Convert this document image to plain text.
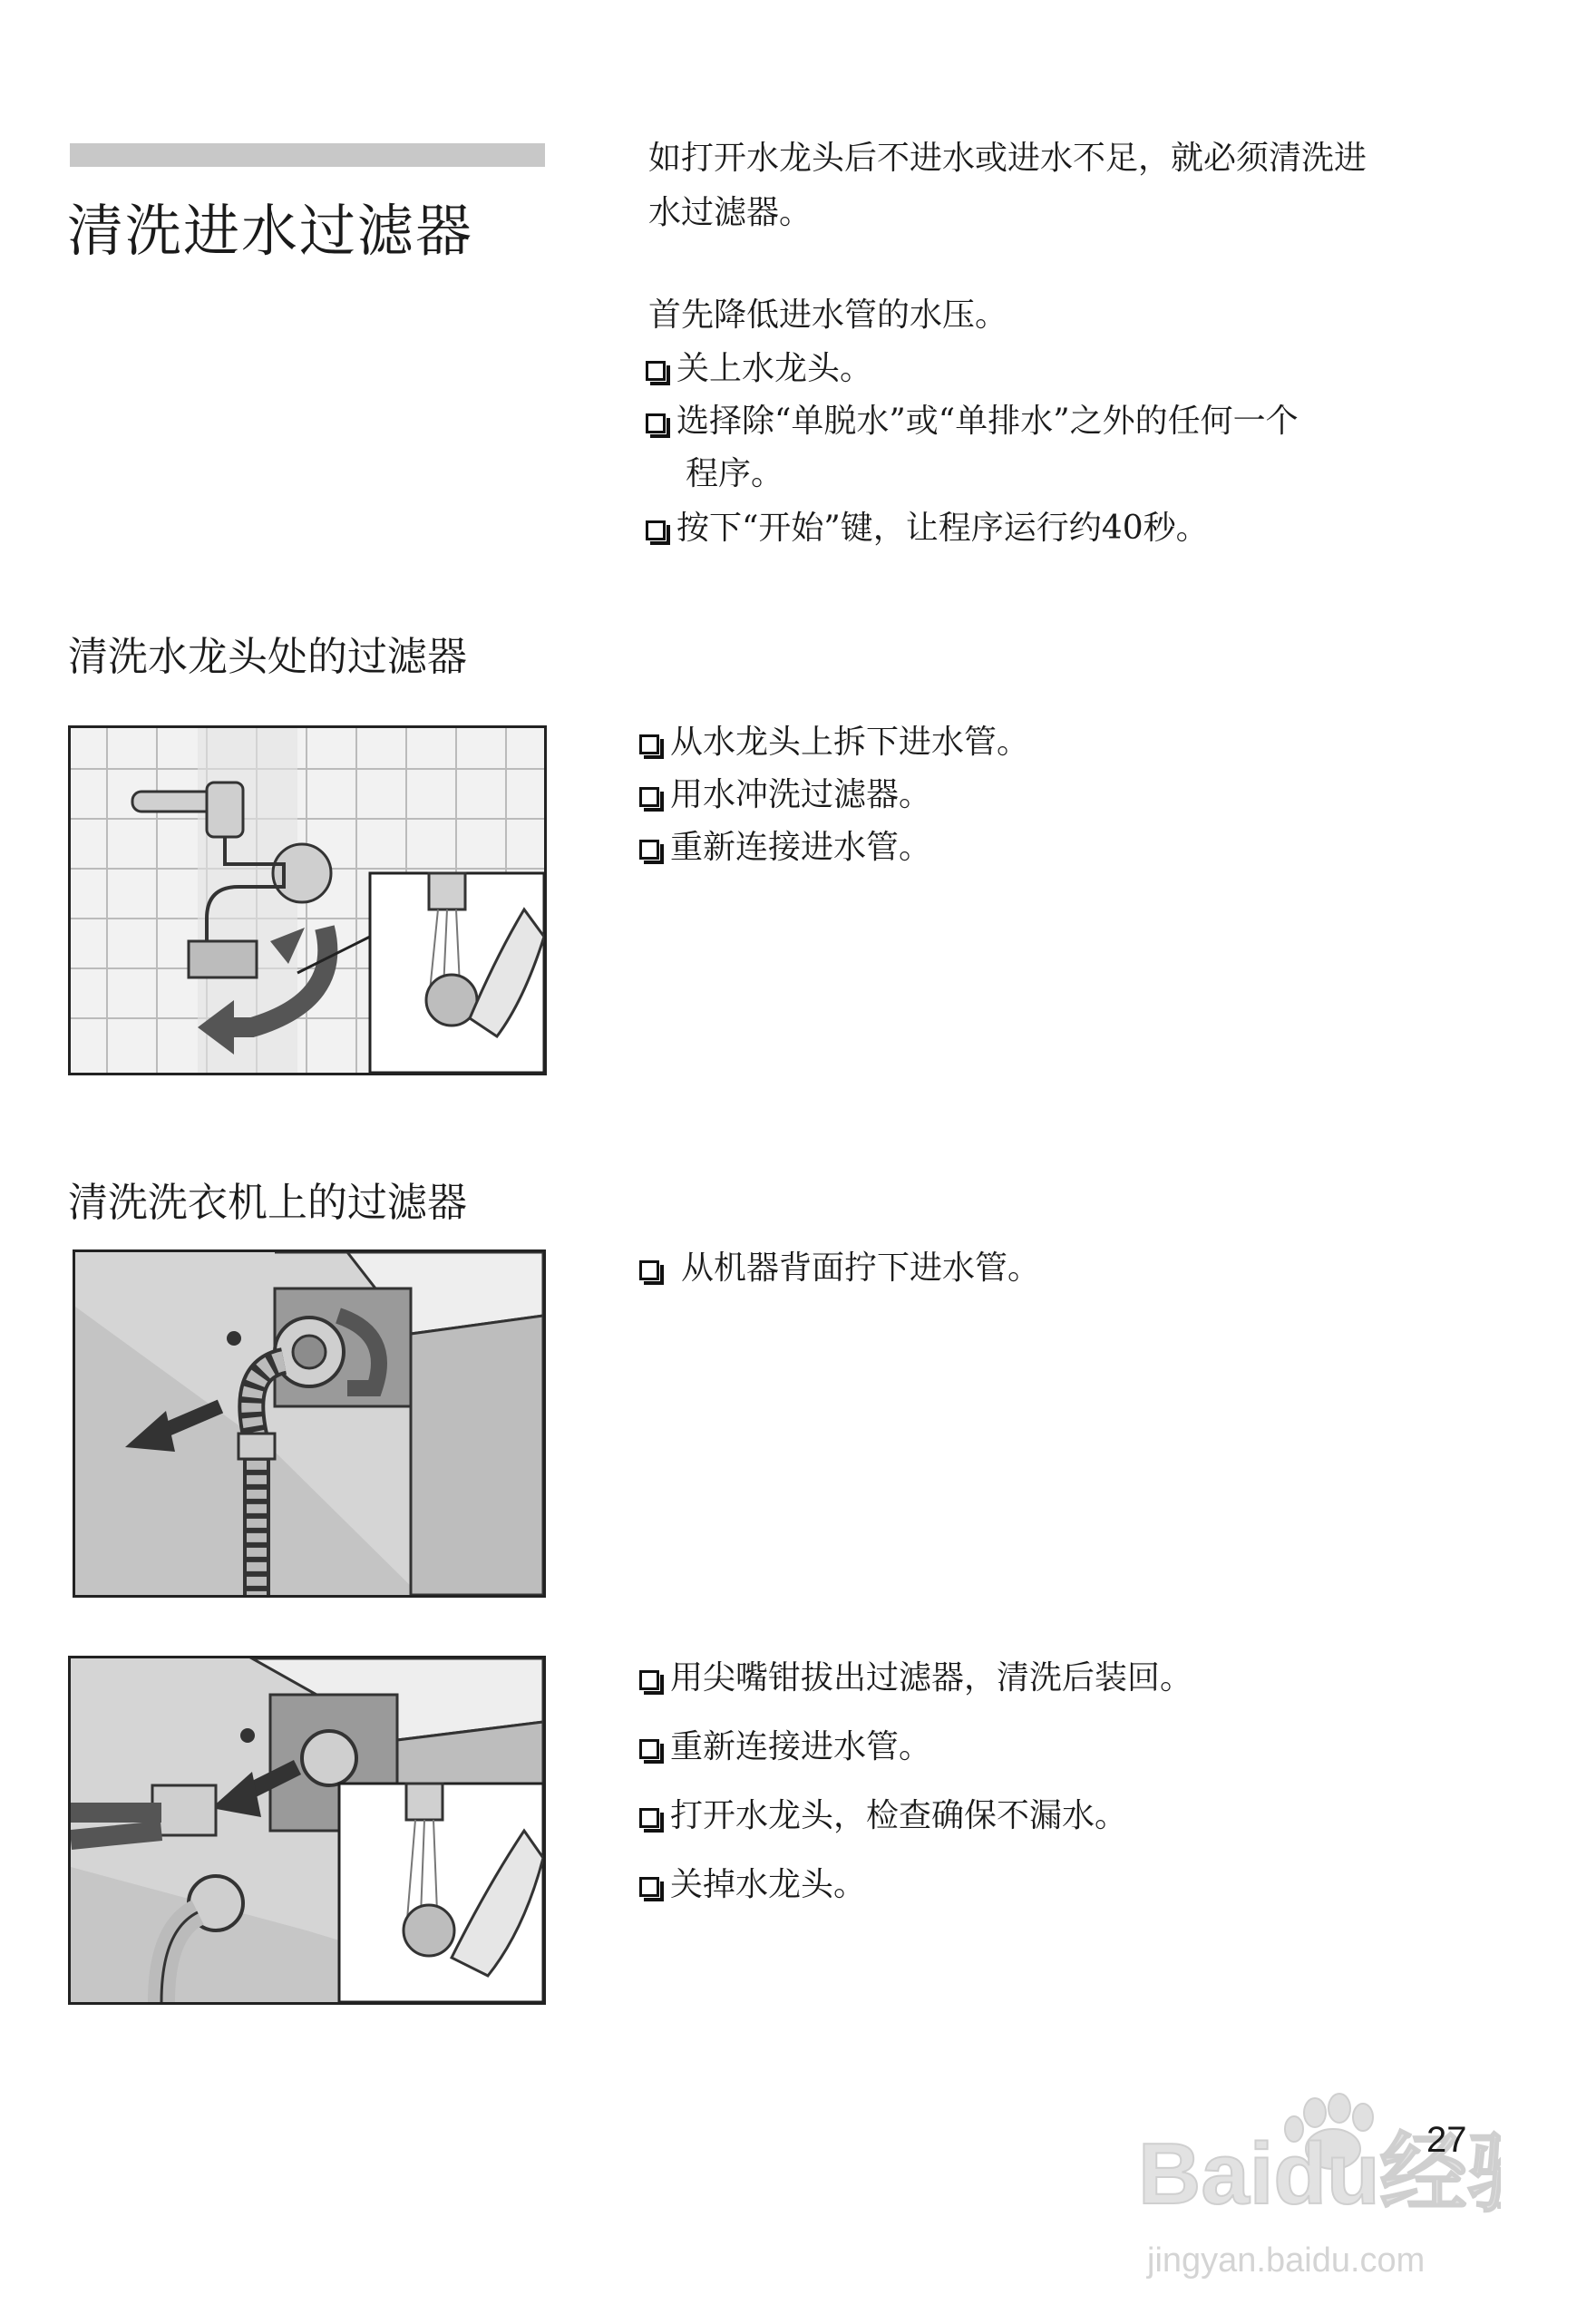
清洗进水过滤器
如打开水龙头后不进水或进水不足，就必须清洗进
水过滤器。
首先降低进水管的水压。
关上水龙头。
选择除“单脱水”或“单排水”之外的任何一个
程序。
按下“开始”键，让程序运行约40秒。
清洗水龙头处的过滤器
从水龙头上拆下进水管。
用水冲洗过滤器。
重新连接进水管。
清洗洗衣机上的过滤器
从机器背面拧下进水管。
用尖嘴钳拔出过滤器，清洗后装回。
重新连接进水管。
打开水龙头，检查确保不漏水。
关掉水龙头。
Baidu经
jingyan.baidu.com
27
